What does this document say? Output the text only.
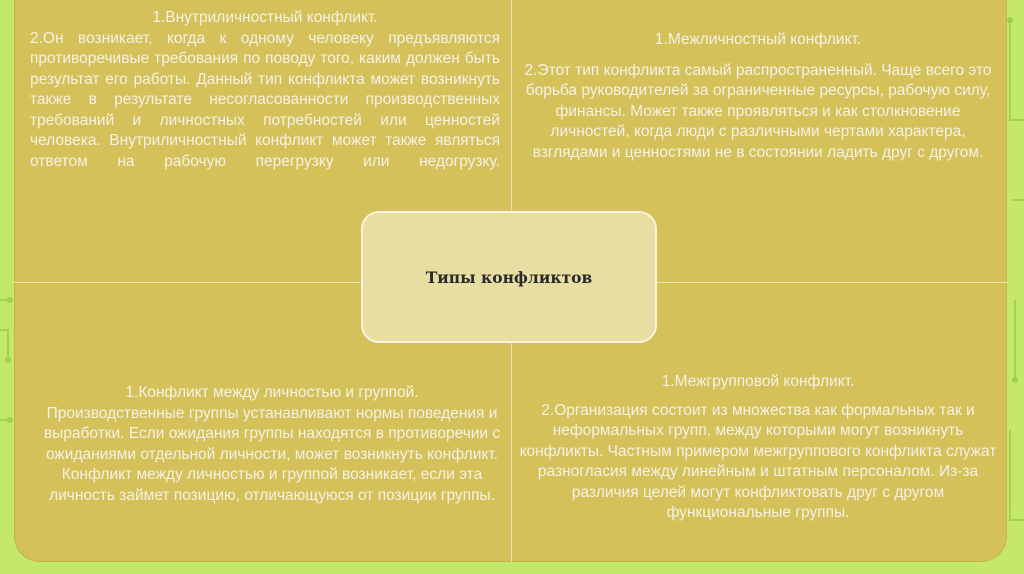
1.Внутриличностный конфликт.
2.Он возникает, когда к одному человеку предъявляются противоречивые требования по поводу того, каким должен быть результат его работы. Данный тип конфликта может возникнуть также в результате несогласованности производственных требований и личностных потребностей или ценностей человека. Внутриличностный конфликт может также являться ответом на рабочую перегрузку или недогрузку.
1.Межличностный конфликт.
2.Этот тип конфликта самый распространенный. Чаще всего это борьба руководителей за ограниченные ресурсы, рабочую силу, финансы. Может также проявляться и как столкновение личностей, когда люди с различными чертами характера, взглядами и ценностями не в состоянии ладить друг с другом.
1.Конфликт между личностью и группой.
Производственные группы устанавливают нормы поведения и выработки. Если ожидания группы находятся в противоречии с ожиданиями отдельной личности, может возникнуть конфликт. Конфликт между личностью и группой возникает, если эта личность займет позицию, отличающуюся от позиции группы.
1.Межгрупповой конфликт.
2.Организация состоит из множества как формальных так и неформальных групп, между которыми могут возникнуть конфликты. Частным примером межгруппового конфликта служат разногласия между линейным и штатным персоналом. Из-за различия целей могут конфликтовать друг с другом функциональные группы.
Типы конфликтов
